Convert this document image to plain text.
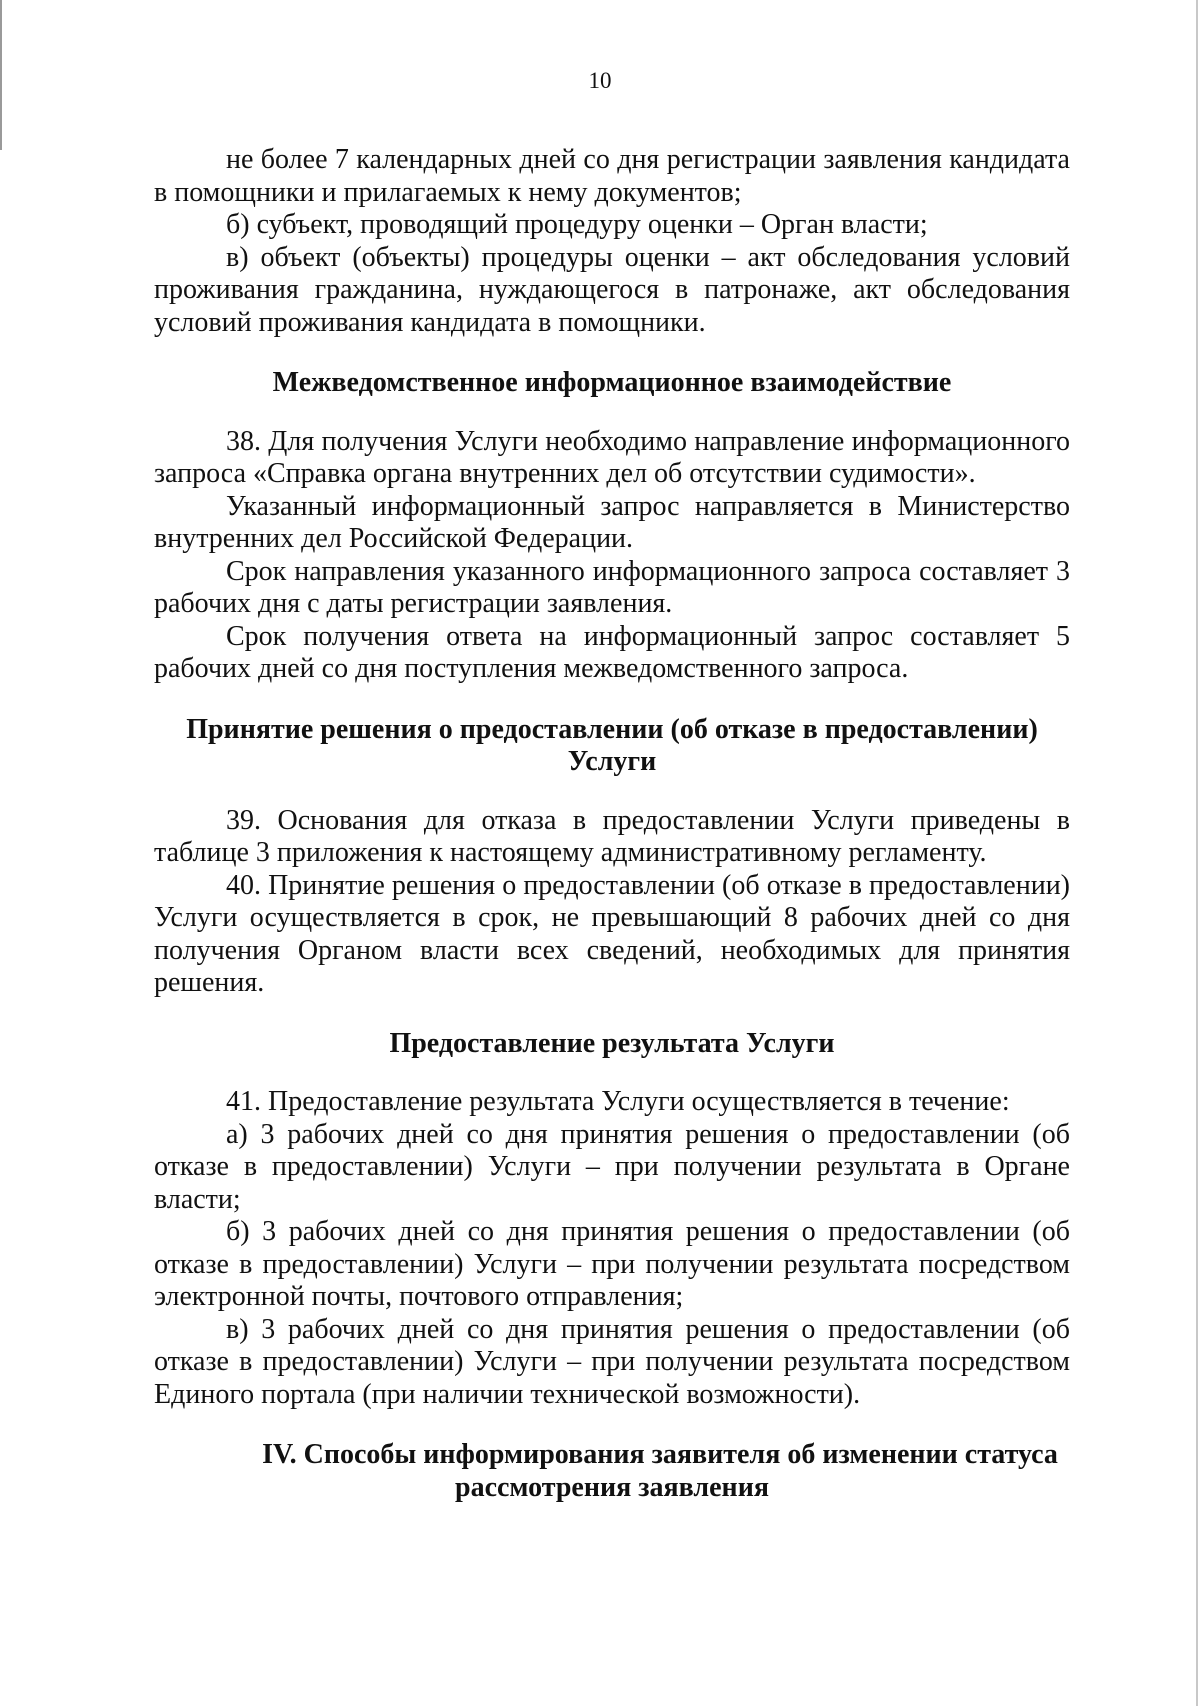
10

не более 7 календарных дней со дня регистрации заявления кандидата в помощники и прилагаемых к нему документов;

б) субъект, проводящий процедуру оценки – Орган власти;

в) объект (объекты) процедуры оценки – акт обследования условий проживания гражданина, нуждающегося в патронаже, акт обследования условий проживания кандидата в помощники.

Межведомственное информационное взаимодействие

38. Для получения Услуги необходимо направление информационного запроса «Справка органа внутренних дел об отсутствии судимости».

Указанный информационный запрос направляется в Министерство внутренних дел Российской Федерации.

Срок направления указанного информационного запроса составляет 3 рабочих дня с даты регистрации заявления.

Срок получения ответа на информационный запрос составляет 5 рабочих дней со дня поступления межведомственного запроса.

Принятие решения о предоставлении (об отказе в предоставлении)

Услуги

39. Основания для отказа в предоставлении Услуги приведены в таблице 3 приложения к настоящему административному регламенту.

40. Принятие решения о предоставлении (об отказе в предоставлении) Услуги осуществляется в срок, не превышающий 8 рабочих дней со дня получения Органом власти всех сведений, необходимых для принятия решения.

Предоставление результата Услуги

41. Предоставление результата Услуги осуществляется в течение:

а) 3 рабочих дней со дня принятия решения о предоставлении (об отказе в предоставлении) Услуги – при получении результата в Органе власти;

б) 3 рабочих дней со дня принятия решения о предоставлении (об отказе в предоставлении) Услуги – при получении результата посредством электронной почты, почтового отправления;

в) 3 рабочих дней со дня принятия решения о предоставлении (об отказе в предоставлении) Услуги – при получении результата посредством Единого портала (при наличии технической возможности).

IV. Способы информирования заявителя об изменении статуса

рассмотрения заявления
